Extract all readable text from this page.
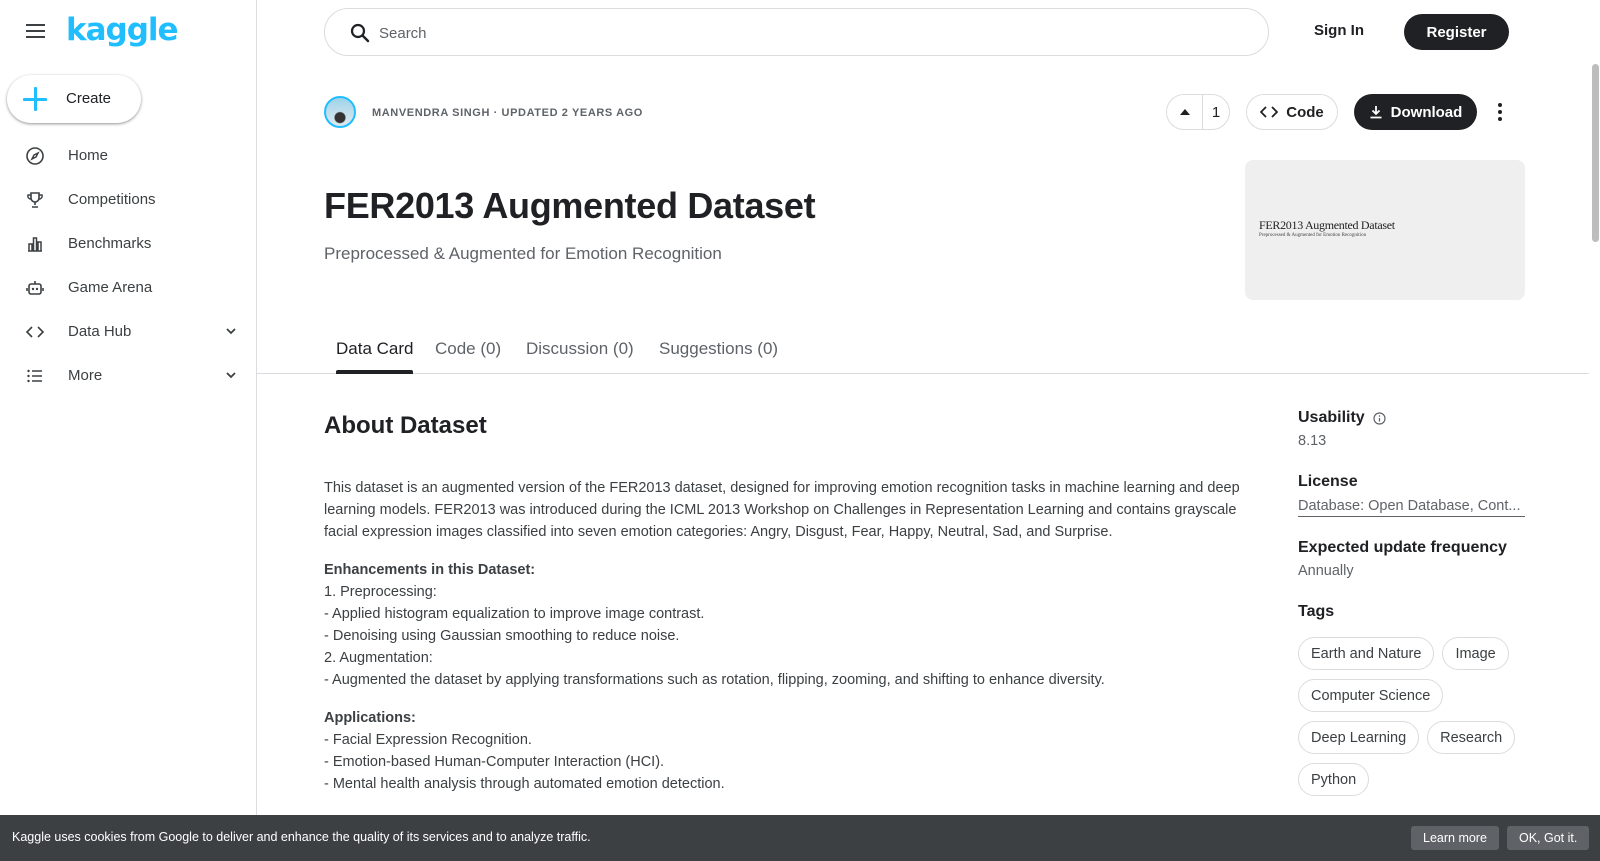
kaggle
Create
Home
Competitions
Benchmarks
Game Arena
Data Hub
More
Search
Sign In	Register
MANVENDRA SINGH · UPDATED 2 YEARS AGO	1	Code	Download
FER2013 Augmented Dataset
Preprocessed & Augmented for Emotion Recognition
FER2013 Augmented Dataset
Preprocessed & Augmented for Emotion Recognition
Data Card Code (0) Discussion (0) Suggestions (0)
About Dataset

This dataset is an augmented version of the FER2013 dataset, designed for improving emotion recognition tasks in machine learning and deep learning models. FER2013 was introduced during the ICML 2013 Workshop on Challenges in Representation Learning and contains grayscale facial expression images classified into seven emotion categories: Angry, Disgust, Fear, Happy, Neutral, Sad, and Surprise.

Enhancements in this Dataset:
1. Preprocessing:
- Applied histogram equalization to improve image contrast.
- Denoising using Gaussian smoothing to reduce noise.
2. Augmentation:
- Augmented the dataset by applying transformations such as rotation, flipping, zooming, and shifting to enhance diversity.
Applications:
- Facial Expression Recognition.
- Emotion-based Human-Computer Interaction (HCI).
- Mental health analysis through automated emotion detection.
Usability
8.13
License
Database: Open Database, Cont...
Expected update frequency
Annually
Tags
Earth and Nature	Image
Computer Science
Deep Learning	Research
Python
Kaggle uses cookies from Google to deliver and enhance the quality of its services and to analyze traffic.	Learn more	OK, Got it.
